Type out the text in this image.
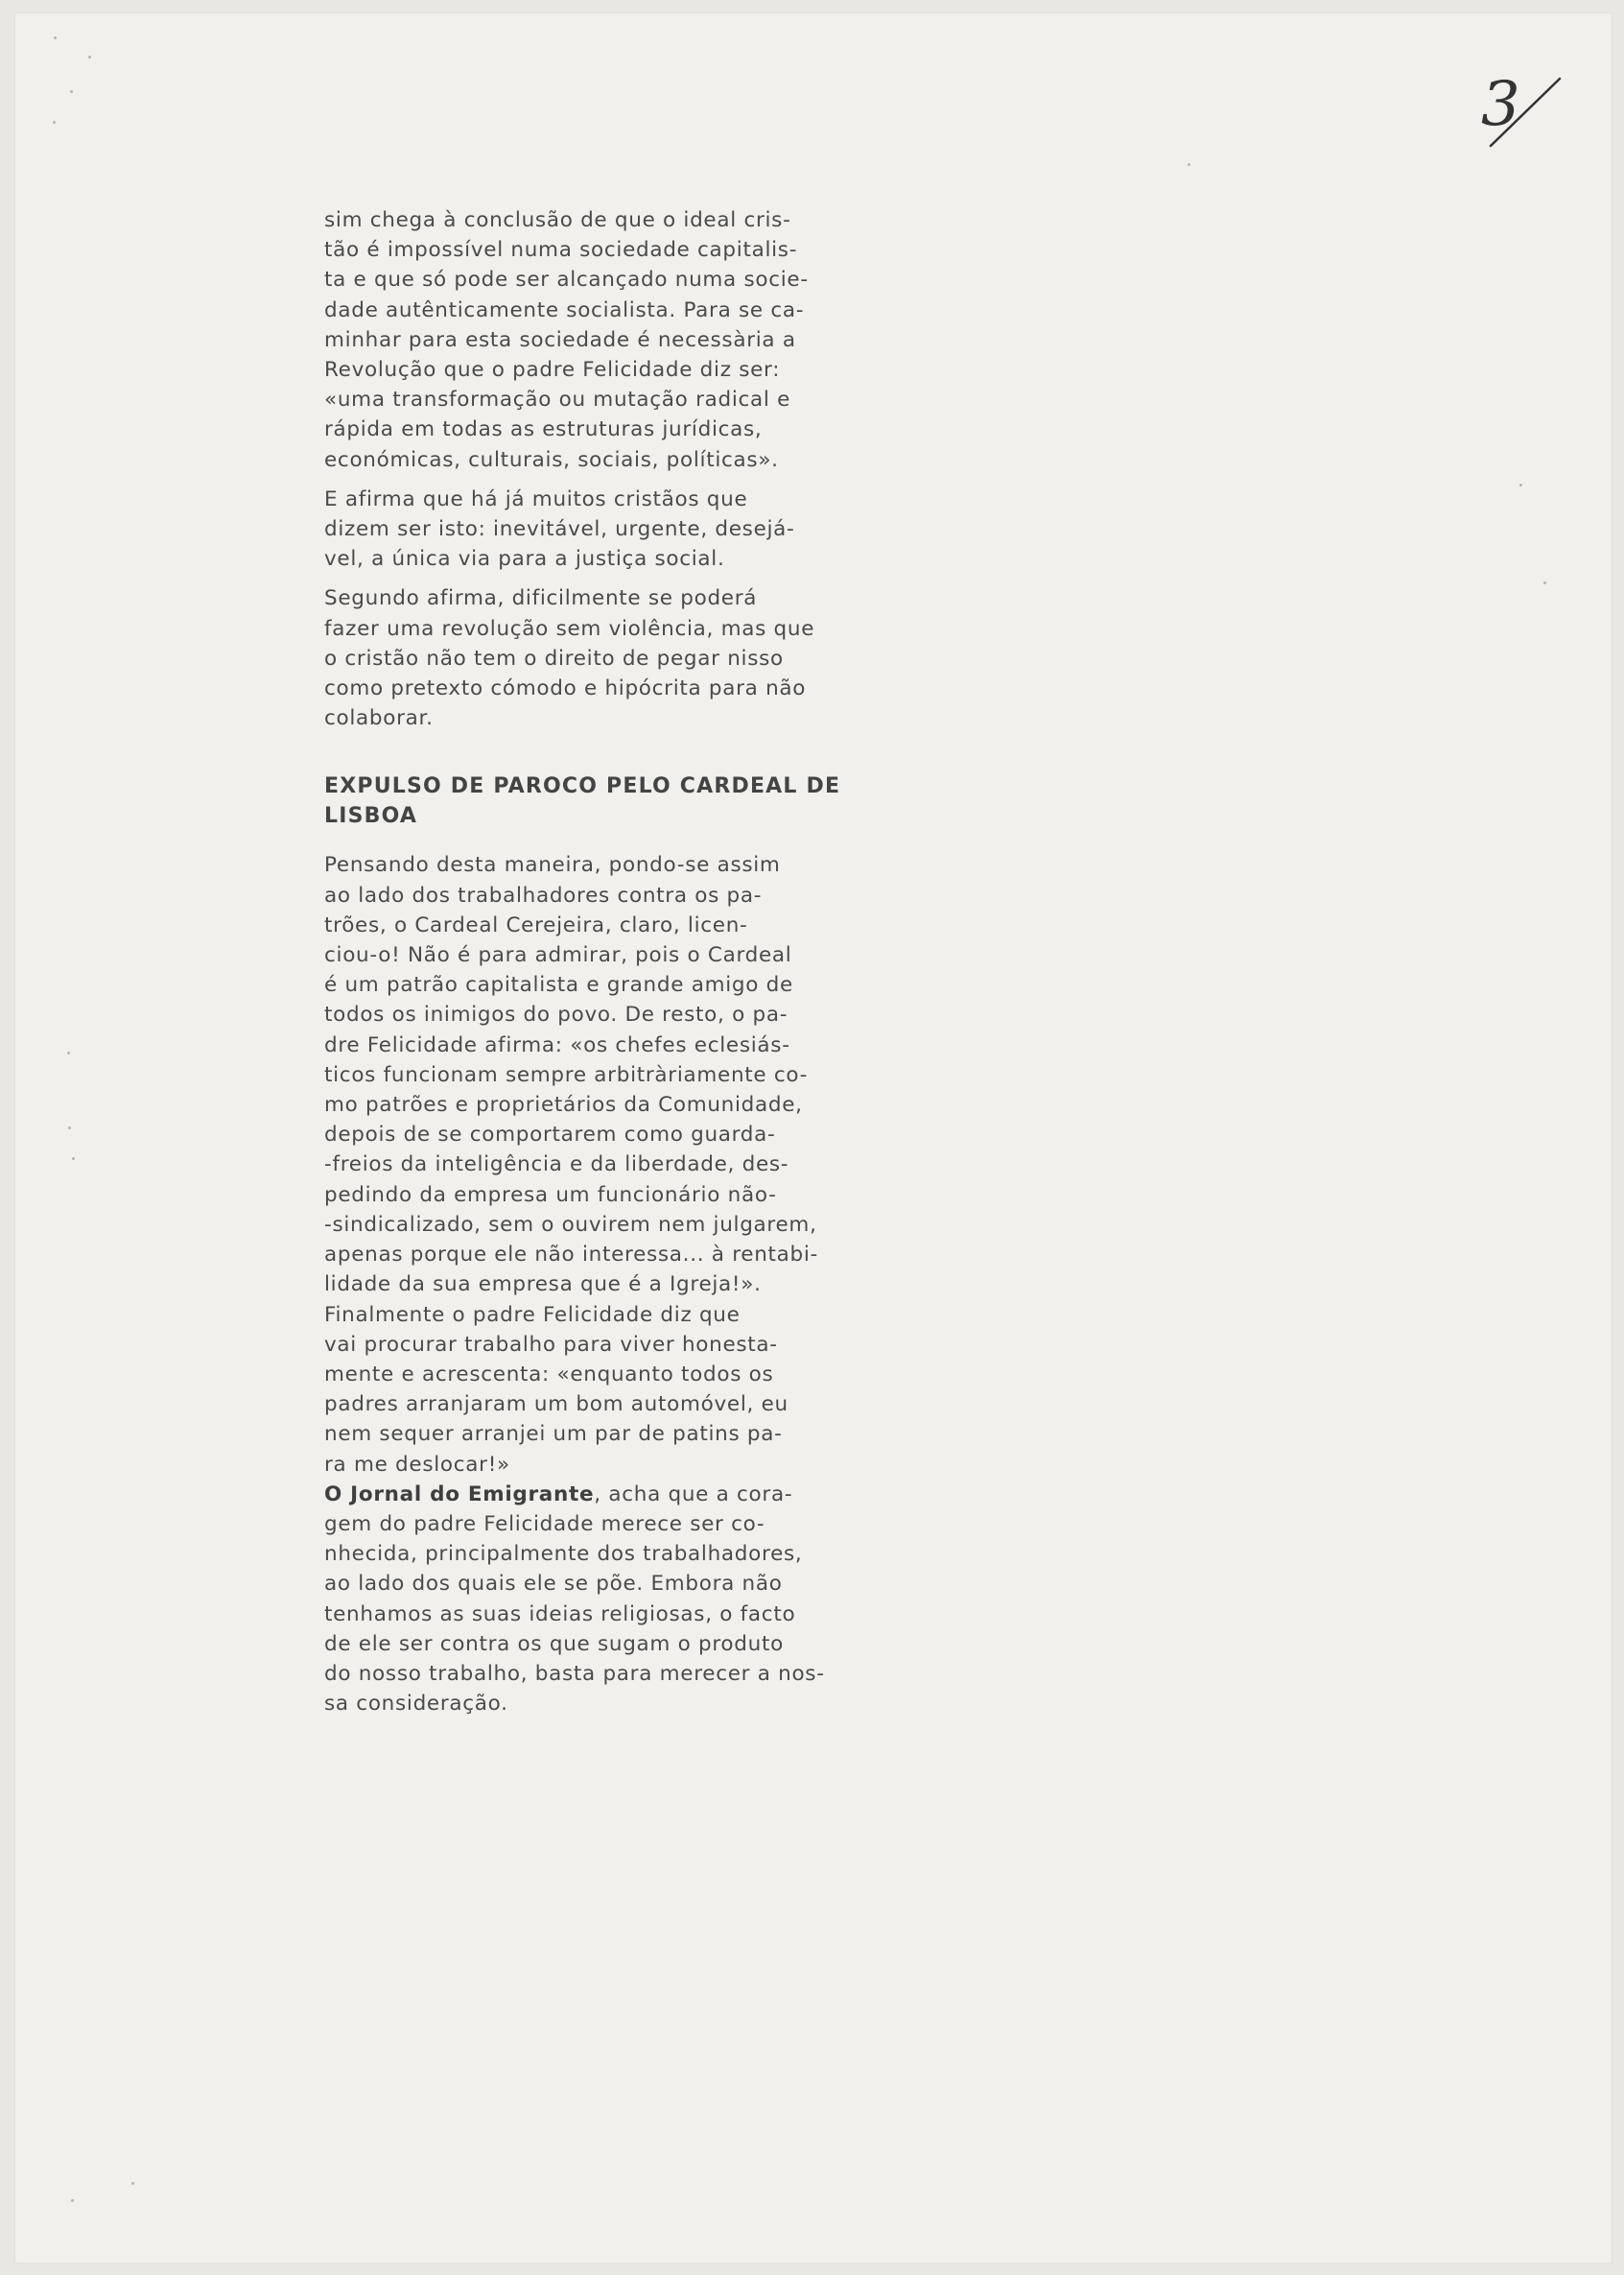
3

sim chega à conclusão de que o ideal cris-
tão é impossível numa sociedade capitalis-
ta e que só pode ser alcançado numa socie-
dade autênticamente socialista. Para se ca-
minhar para esta sociedade é necessària a
Revolução que o padre Felicidade diz ser:
«uma transformação ou mutação radical e
rápida em todas as estruturas jurídicas,
económicas, culturais, sociais, políticas».

E afirma que há já muitos cristãos que
dizem ser isto: inevitável, urgente, desejá-
vel, a única via para a justiça social.

Segundo afirma, dificilmente se poderá
fazer uma revolução sem violência, mas que
o cristão não tem o direito de pegar nisso
como pretexto cómodo e hipócrita para não
colaborar.

EXPULSO DE PAROCO PELO CARDEAL DE
LISBOA

Pensando desta maneira, pondo-se assim
ao lado dos trabalhadores contra os pa-
trões, o Cardeal Cerejeira, claro, licen-
ciou-o! Não é para admirar, pois o Cardeal
é um patrão capitalista e grande amigo de
todos os inimigos do povo. De resto, o pa-
dre Felicidade afirma: «os chefes eclesiás-
ticos funcionam sempre arbitràriamente co-
mo patrões e proprietários da Comunidade,
depois de se comportarem como guarda-
-freios da inteligência e da liberdade, des-
pedindo da empresa um funcionário não-
-sindicalizado, sem o ouvirem nem julgarem,
apenas porque ele não interessa... à rentabi-
lidade da sua empresa que é a Igreja!».

Finalmente o padre Felicidade diz que
vai procurar trabalho para viver honesta-
mente e acrescenta: «enquanto todos os
padres arranjaram um bom automóvel, eu
nem sequer arranjei um par de patins pa-
ra me deslocar!»

O Jornal do Emigrante, acha que a cora-
gem do padre Felicidade merece ser co-
nhecida, principalmente dos trabalhadores,
ao lado dos quais ele se põe. Embora não
tenhamos as suas ideias religiosas, o facto
de ele ser contra os que sugam o produto
do nosso trabalho, basta para merecer a nos-
sa consideração.
